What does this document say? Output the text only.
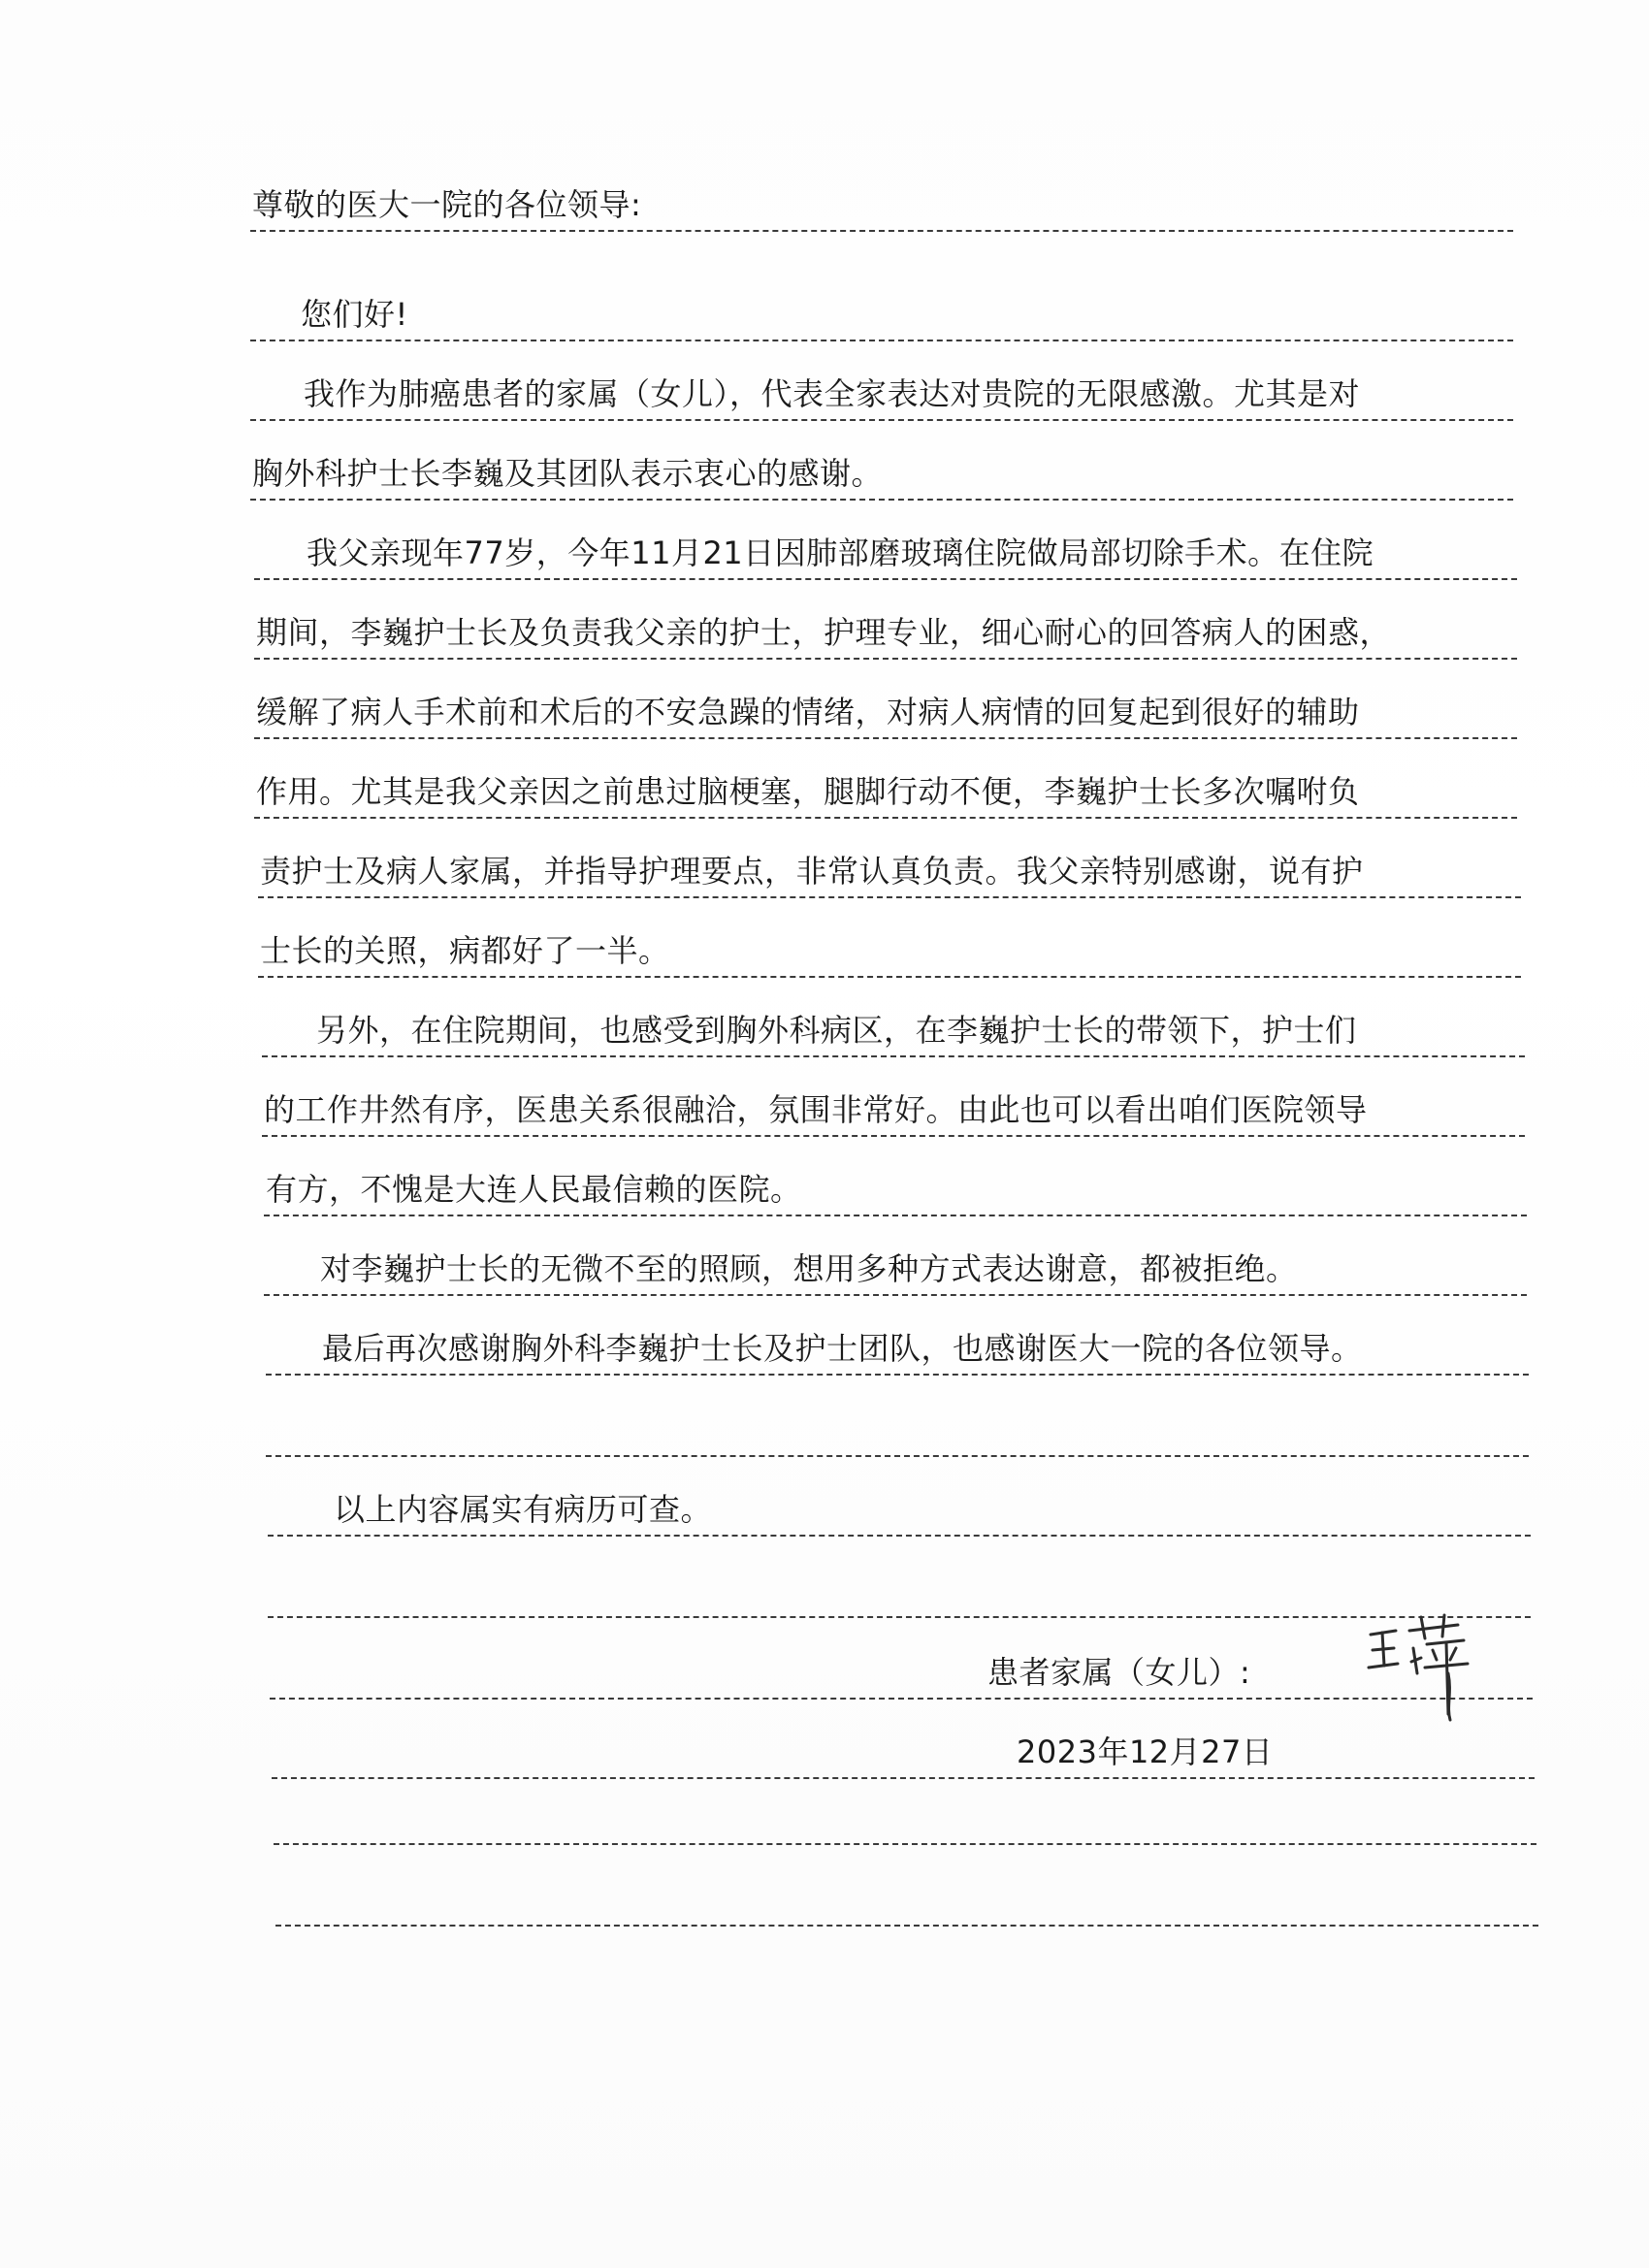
尊敬的医大一院的各位领导:
您们好!
我作为肺癌患者的家属（女儿），代表全家表达对贵院的无限感激。尤其是对
胸外科护士长李巍及其团队表示衷心的感谢。
我父亲现年77岁，今年11月21日因肺部磨玻璃住院做局部切除手术。在住院
期间，李巍护士长及负责我父亲的护士，护理专业，细心耐心的回答病人的困惑，
缓解了病人手术前和术后的不安急躁的情绪，对病人病情的回复起到很好的辅助
作用。尤其是我父亲因之前患过脑梗塞，腿脚行动不便，李巍护士长多次嘱咐负
责护士及病人家属，并指导护理要点，非常认真负责。我父亲特别感谢，说有护
士长的关照，病都好了一半。
另外，在住院期间，也感受到胸外科病区，在李巍护士长的带领下，护士们
的工作井然有序，医患关系很融洽，氛围非常好。由此也可以看出咱们医院领导
有方，不愧是大连人民最信赖的医院。
对李巍护士长的无微不至的照顾，想用多种方式表达谢意，都被拒绝。
最后再次感谢胸外科李巍护士长及护士团队，也感谢医大一院的各位领导。
以上内容属实有病历可查。
患者家属（女儿）:
2023年12月27日
